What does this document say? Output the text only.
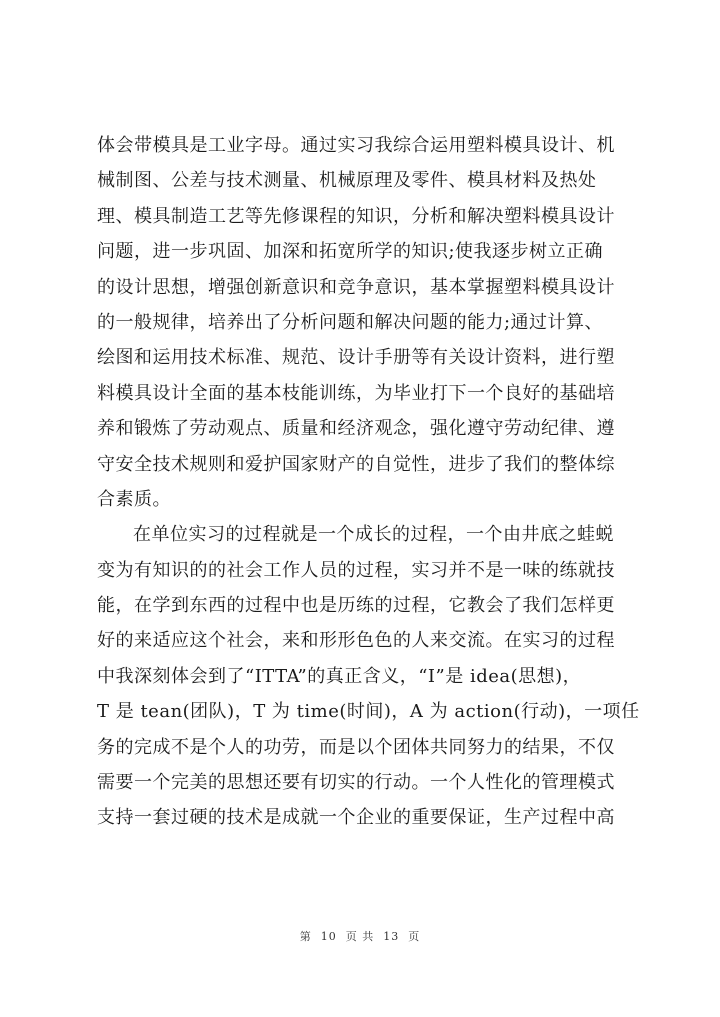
体会带模具是工业字母。通过实习我综合运用塑料模具设计、机
械制图、公差与技术测量、机械原理及零件、模具材料及热处
理、模具制造工艺等先修课程的知识，分析和解决塑料模具设计
问题，进一步巩固、加深和拓宽所学的知识;使我逐步树立正确
的设计思想，增强创新意识和竞争意识，基本掌握塑料模具设计
的一般规律，培养出了分析问题和解决问题的能力;通过计算、
绘图和运用技术标准、规范、设计手册等有关设计资料，进行塑
料模具设计全面的基本枝能训练，为毕业打下一个良好的基础培
养和锻炼了劳动观点、质量和经济观念，强化遵守劳动纪律、遵
守安全技术规则和爱护国家财产的自觉性，进步了我们的整体综
合素质。
在单位实习的过程就是一个成长的过程，一个由井底之蛙蜕
变为有知识的的社会工作人员的过程，实习并不是一味的练就技
能，在学到东西的过程中也是历练的过程，它教会了我们怎样更
好的来适应这个社会，来和形形色色的人来交流。在实习的过程
中我深刻体会到了“ITTA”的真正含义，“I”是 idea(思想)，
T 是 tean(团队)，T 为 time(时间)，A 为 action(行动)，一项任
务的完成不是个人的功劳，而是以个团体共同努力的结果，不仅
需要一个完美的思想还要有切实的行动。一个人性化的管理模式
支持一套过硬的技术是成就一个企业的重要保证，生产过程中高
第  10  页 共  13  页
